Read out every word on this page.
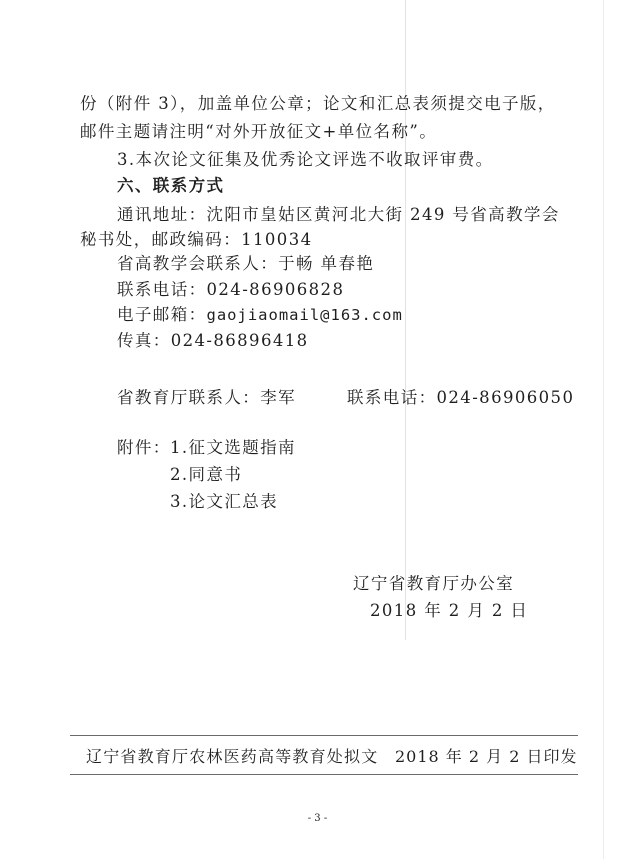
份（附件 3），加盖单位公章；论文和汇总表须提交电子版，
邮件主题请注明“对外开放征文+单位名称”。
3.本次论文征集及优秀论文评选不收取评审费。
六、联系方式
通讯地址：沈阳市皇姑区黄河北大街 249 号省高教学会
秘书处，邮政编码：110034
省高教学会联系人：于畅 单春艳
联系电话：024-86906828
电子邮箱：gaojiaomail@163.com
传真：024-86896418
省教育厅联系人：李军	联系电话：024-86906050
附件： 1.征文选题指南
2.同意书
3.论文汇总表
辽宁省教育厅办公室
2018 年 2 月 2 日
辽宁省教育厅农林医药高等教育处拟文 2018 年 2 月 2 日印发
- 3 -
